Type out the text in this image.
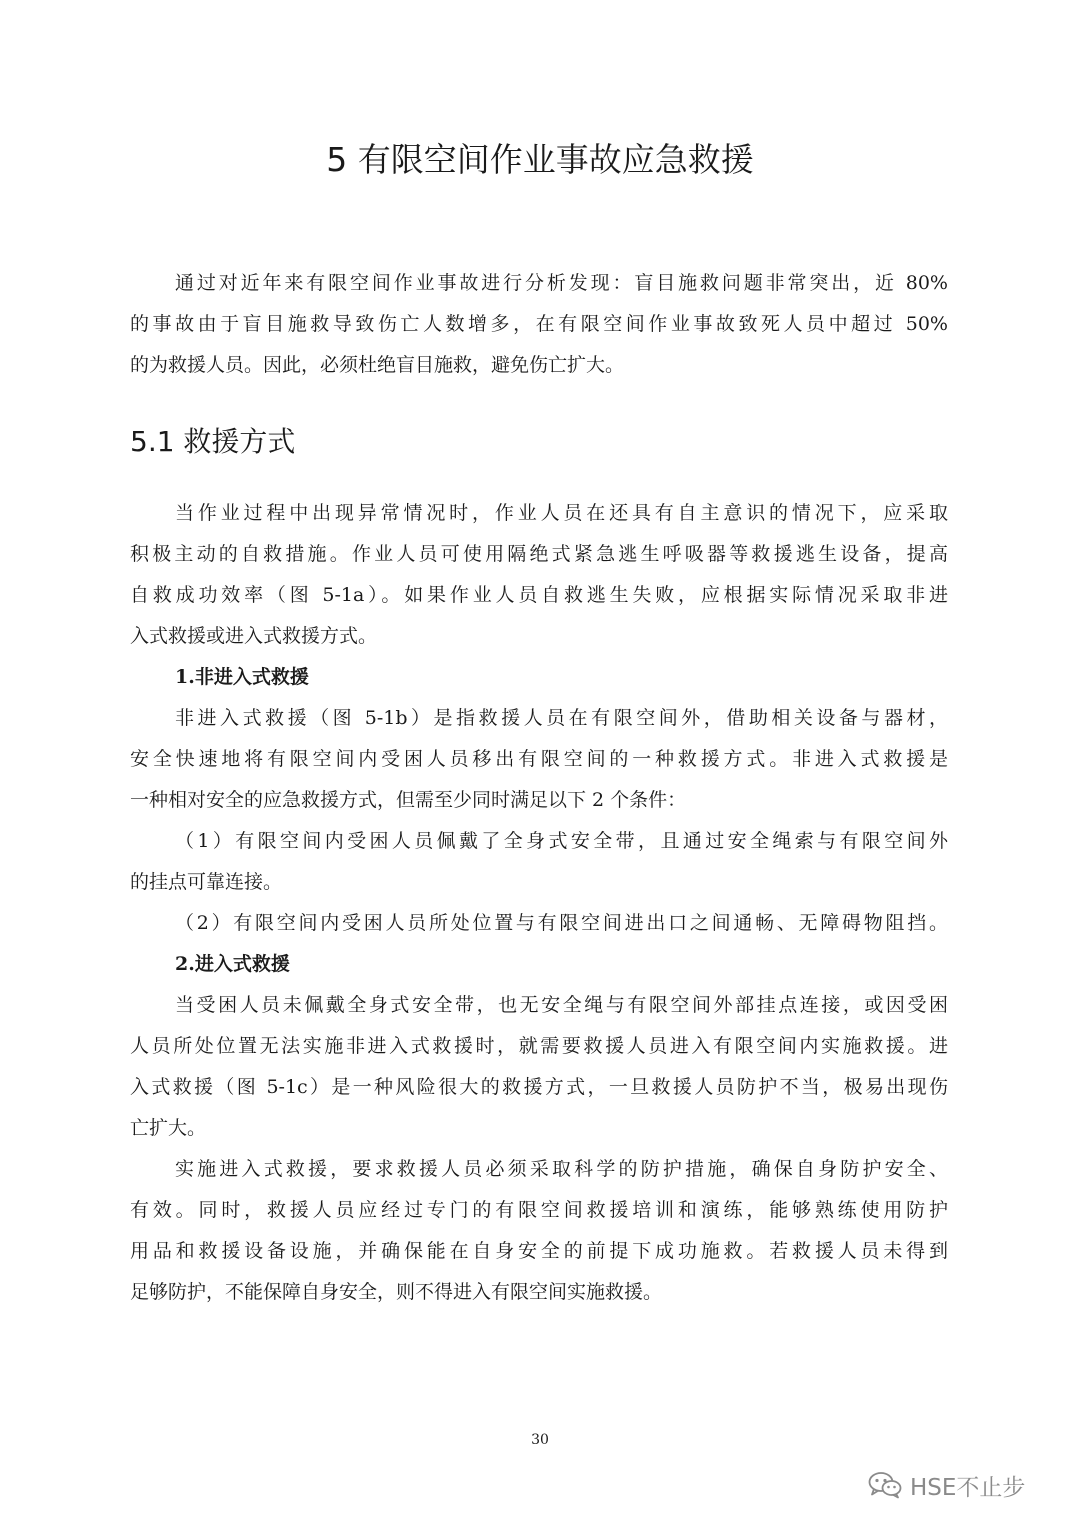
5 有限空间作业事故应急救援
通过对近年来有限空间作业事故进行分析发现：盲目施救问题非常突出，近 80%
的事故由于盲目施救导致伤亡人数增多，在有限空间作业事故致死人员中超过 50%
的为救援人员。因此，必须杜绝盲目施救，避免伤亡扩大。
5.1 救援方式
当作业过程中出现异常情况时，作业人员在还具有自主意识的情况下，应采取
积极主动的自救措施。作业人员可使用隔绝式紧急逃生呼吸器等救援逃生设备，提高
自救成功效率（图 5-1a）。如果作业人员自救逃生失败，应根据实际情况采取非进
入式救援或进入式救援方式。
1.非进入式救援
非进入式救援（图 5-1b）是指救援人员在有限空间外，借助相关设备与器材，
安全快速地将有限空间内受困人员移出有限空间的一种救援方式。非进入式救援是
一种相对安全的应急救援方式，但需至少同时满足以下 2 个条件：
（1）有限空间内受困人员佩戴了全身式安全带，且通过安全绳索与有限空间外
的挂点可靠连接。
（2）有限空间内受困人员所处位置与有限空间进出口之间通畅、无障碍物阻挡。
2.进入式救援
当受困人员未佩戴全身式安全带，也无安全绳与有限空间外部挂点连接，或因受困
人员所处位置无法实施非进入式救援时，就需要救援人员进入有限空间内实施救援。进
入式救援（图 5-1c）是一种风险很大的救援方式，一旦救援人员防护不当，极易出现伤
亡扩大。
实施进入式救援，要求救援人员必须采取科学的防护措施，确保自身防护安全、
有效。同时，救援人员应经过专门的有限空间救援培训和演练，能够熟练使用防护
用品和救援设备设施，并确保能在自身安全的前提下成功施救。若救援人员未得到
足够防护，不能保障自身安全，则不得进入有限空间实施救援。
30
HSE不止步
